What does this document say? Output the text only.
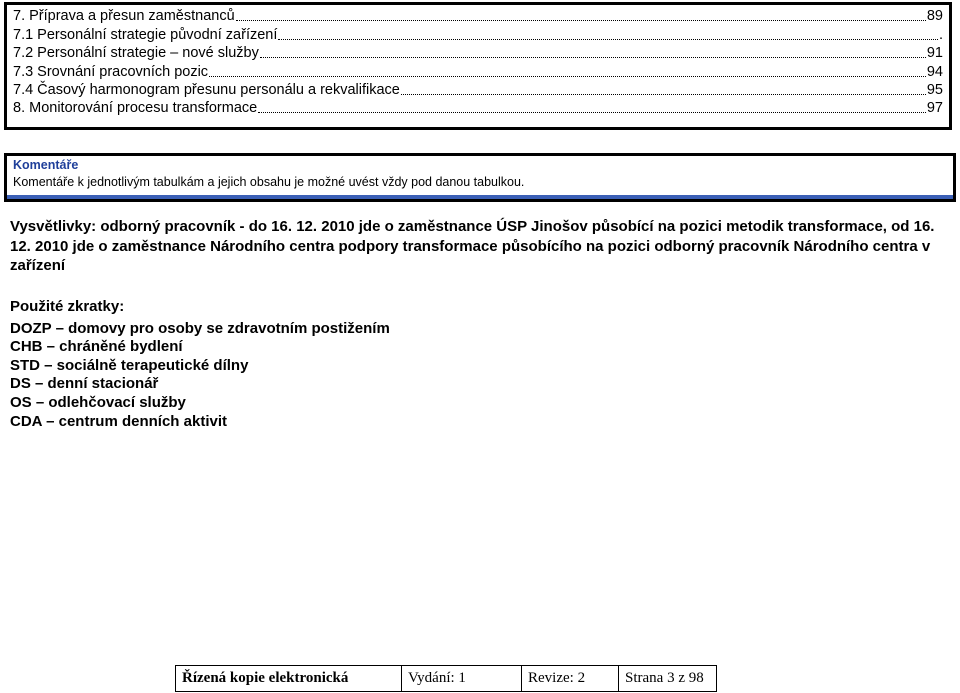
7. Příprava a přesun zaměstnanců	89
7.1 Personální strategie původní zařízení	.
7.2 Personální strategie – nové služby	91
7.3 Srovnání pracovních pozic	94
7.4 Časový harmonogram přesunu personálu a rekvalifikace	95
8. Monitorování procesu transformace	97
Komentáře
Komentáře k jednotlivým tabulkám a jejich obsahu je možné uvést vždy pod danou tabulkou.
Vysvětlivky: odborný pracovník - do 16. 12. 2010 jde o zaměstnance ÚSP Jinošov působící na pozici metodik transformace, od 16. 12. 2010 jde o zaměstnance Národního centra podpory transformace působícího na pozici odborný pracovník Národního centra v zařízení
Použité zkratky:
DOZP – domovy pro osoby se zdravotním postižením
CHB – chráněné bydlení
STD – sociálně terapeutické dílny
DS – denní stacionář
OS – odlehčovací služby
CDA – centrum denních aktivit
Řízená kopie elektronická	Vydání: 1	Revize: 2	Strana 3 z 98
